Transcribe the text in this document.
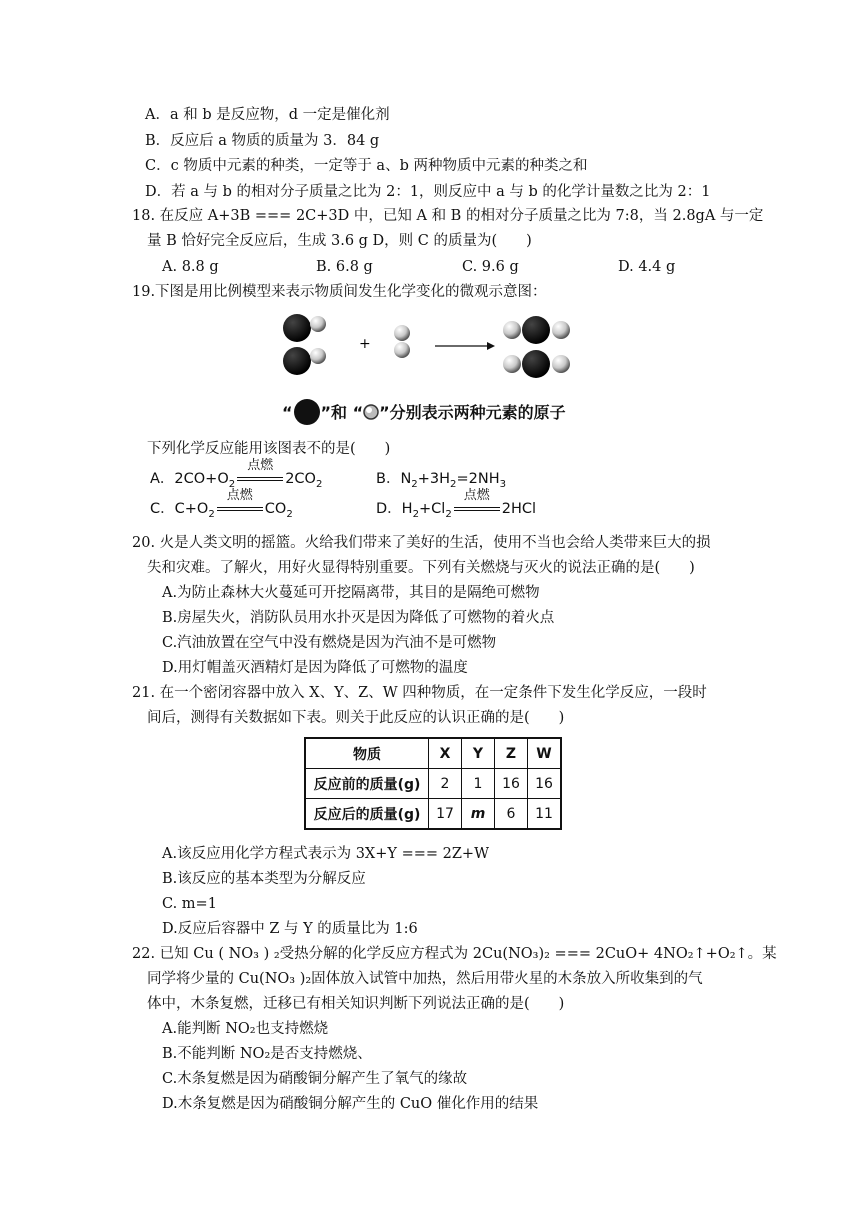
A．a 和 b 是反应物，d 一定是催化剂
B．反应后 a 物质的质量为 3．84 g
C．c 物质中元素的种类，一定等于 a、b 两种物质中元素的种类之和
D．若 a 与 b 的相对分子质量之比为 2：1，则反应中 a 与 b 的化学计量数之比为 2：1
18. 在反应 A+3B === 2C+3D 中，已知 A 和 B 的相对分子质量之比为 7:8，当 2.8gA 与一定
量 B 恰好完全反应后，生成 3.6 g D，则 C 的质量为(　　)
A. 8.8 g	B. 6.8 g	C. 9.6 g	D. 4.4 g
19.下图是用比例模型来表示物质间发生化学变化的微观示意图：
+
“ ”和 “ ”分别表示两种元素的原子
下列化学反应能用该图表不的是(　　)
A．$2CO+O_2$
点燃
$2CO_2$	B．$N_2+3H_2=2NH_3$
C．$C+O_2$
点燃
$CO_2$	D．$H_2+Cl_2$
点燃
2HCl
20. 火是人类文明的摇篮。火给我们带来了美好的生活，使用不当也会给人类带来巨大的损
失和灾难。了解火，用好火显得特别重要。下列有关燃烧与灭火的说法正确的是(　　)
A.为防止森林大火蔓延可开挖隔离带，其目的是隔绝可燃物
B.房屋失火，消防队员用水扑灭是因为降低了可燃物的着火点
C.汽油放置在空气中没有燃烧是因为汽油不是可燃物
D.用灯帽盖灭酒精灯是因为降低了可燃物的温度
21. 在一个密闭容器中放入 X、Y、Z、W 四种物质，在一定条件下发生化学反应，一段时
间后，测得有关数据如下表。则关于此反应的认识正确的是(　　)
物质	X	Y	Z	W
反应前的质量(g)	2	1	16	16
反应后的质量(g)	17	m	6	11
A.该反应用化学方程式表示为 3X+Y === 2Z+W
B.该反应的基本类型为分解反应
C. m=1
D.反应后容器中 Z 与 Y 的质量比为 1:6
22. 已知 Cu ( NO₃ ) ₂受热分解的化学反应方程式为 2Cu(NO₃)₂ === 2CuO+ 4NO₂↑+O₂↑。某
同学将少量的 Cu(NO₃ )₂固体放入试管中加热，然后用带火星的木条放入所收集到的气
体中，木条复燃，迁移已有相关知识判断下列说法正确的是(　　)
A.能判断 NO₂也支持燃烧
B.不能判断 NO₂是否支持燃烧、
C.木条复燃是因为硝酸铜分解产生了氧气的缘故
D.木条复燃是因为硝酸铜分解产生的 CuO 催化作用的结果
